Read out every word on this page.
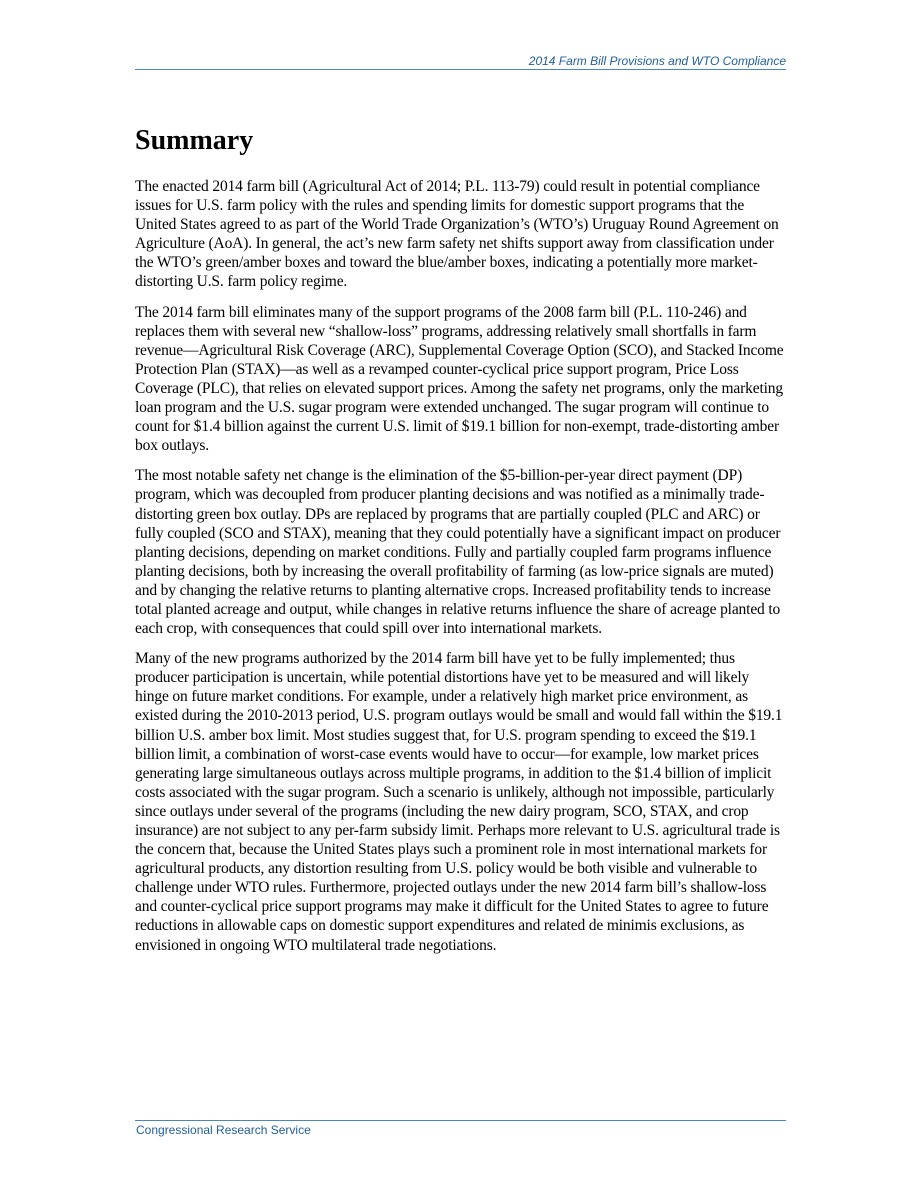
2014 Farm Bill Provisions and WTO Compliance
Summary

The enacted 2014 farm bill (Agricultural Act of 2014; P.L. 113-79) could result in potential compliance issues for U.S. farm policy with the rules and spending limits for domestic support programs that the United States agreed to as part of the World Trade Organization’s (WTO’s) Uruguay Round Agreement on Agriculture (AoA). In general, the act’s new farm safety net shifts support away from classification under the WTO’s green/amber boxes and toward the blue/amber boxes, indicating a potentially more market-distorting U.S. farm policy regime.

The 2014 farm bill eliminates many of the support programs of the 2008 farm bill (P.L. 110-246) and replaces them with several new “shallow-loss” programs, addressing relatively small shortfalls in farm revenue—Agricultural Risk Coverage (ARC), Supplemental Coverage Option (SCO), and Stacked Income Protection Plan (STAX)—as well as a revamped counter-cyclical price support program, Price Loss Coverage (PLC), that relies on elevated support prices. Among the safety net programs, only the marketing loan program and the U.S. sugar program were extended unchanged. The sugar program will continue to count for $1.4 billion against the current U.S. limit of $19.1 billion for non-exempt, trade-distorting amber box outlays.

The most notable safety net change is the elimination of the $5-billion-per-year direct payment (DP) program, which was decoupled from producer planting decisions and was notified as a minimally trade-distorting green box outlay. DPs are replaced by programs that are partially coupled (PLC and ARC) or fully coupled (SCO and STAX), meaning that they could potentially have a significant impact on producer planting decisions, depending on market conditions. Fully and partially coupled farm programs influence planting decisions, both by increasing the overall profitability of farming (as low-price signals are muted) and by changing the relative returns to planting alternative crops. Increased profitability tends to increase total planted acreage and output, while changes in relative returns influence the share of acreage planted to each crop, with consequences that could spill over into international markets.

Many of the new programs authorized by the 2014 farm bill have yet to be fully implemented; thus producer participation is uncertain, while potential distortions have yet to be measured and will likely hinge on future market conditions. For example, under a relatively high market price environment, as existed during the 2010-2013 period, U.S. program outlays would be small and would fall within the $19.1 billion U.S. amber box limit. Most studies suggest that, for U.S. program spending to exceed the $19.1 billion limit, a combination of worst-case events would have to occur—for example, low market prices generating large simultaneous outlays across multiple programs, in addition to the $1.4 billion of implicit costs associated with the sugar program. Such a scenario is unlikely, although not impossible, particularly since outlays under several of the programs (including the new dairy program, SCO, STAX, and crop insurance) are not subject to any per-farm subsidy limit. Perhaps more relevant to U.S. agricultural trade is the concern that, because the United States plays such a prominent role in most international markets for agricultural products, any distortion resulting from U.S. policy would be both visible and vulnerable to challenge under WTO rules. Furthermore, projected outlays under the new 2014 farm bill’s shallow-loss and counter-cyclical price support programs may make it difficult for the United States to agree to future reductions in allowable caps on domestic support expenditures and related de minimis exclusions, as envisioned in ongoing WTO multilateral trade negotiations.

Congressional Research Service
